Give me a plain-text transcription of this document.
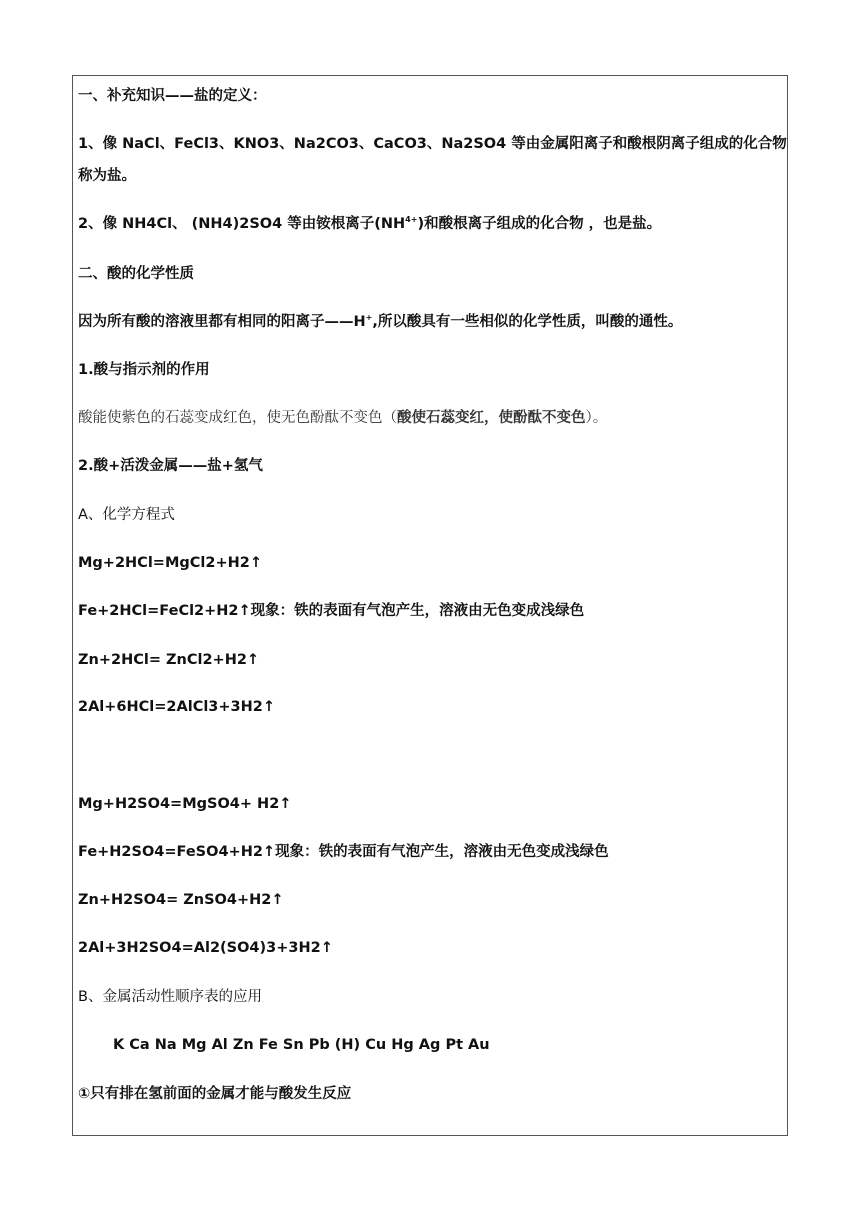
一、补充知识——盐的定义：
1、像 NaCl、FeCl3、KNO3、Na2CO3、CaCO3、Na2SO4 等由金属阳离子和酸根阴离子组成的化合物称为盐。
2、像 NH4Cl、 (NH4)2SO4 等由铵根离子$(NH^{4+})$和酸根离子组成的化合物 ，也是盐。
二、酸的化学性质
因为所有酸的溶液里都有相同的阳离子——H+,所以酸具有一些相似的化学性质，叫酸的通性。
1.酸与指示剂的作用
酸能使紫色的石蕊变成红色，使无色酚酞不变色（酸使石蕊变红，使酚酞不变色）。
2.酸+活泼金属——盐+氢气
A、化学方程式
Mg+2HCl=MgCl2+H2↑
Fe+2HCl=FeCl2+H2↑现象：铁的表面有气泡产生，溶液由无色变成浅绿色
Zn+2HCl= ZnCl2+H2↑
2Al+6HCl=2AlCl3+3H2↑
Mg+H2SO4=MgSO4+ H2↑
Fe+H2SO4=FeSO4+H2↑现象：铁的表面有气泡产生，溶液由无色变成浅绿色
Zn+H2SO4= ZnSO4+H2↑
2Al+3H2SO4=Al2(SO4)3+3H2↑
B、金属活动性顺序表的应用
K Ca Na Mg Al Zn Fe Sn Pb (H) Cu Hg Ag Pt Au
①只有排在氢前面的金属才能与酸发生反应
